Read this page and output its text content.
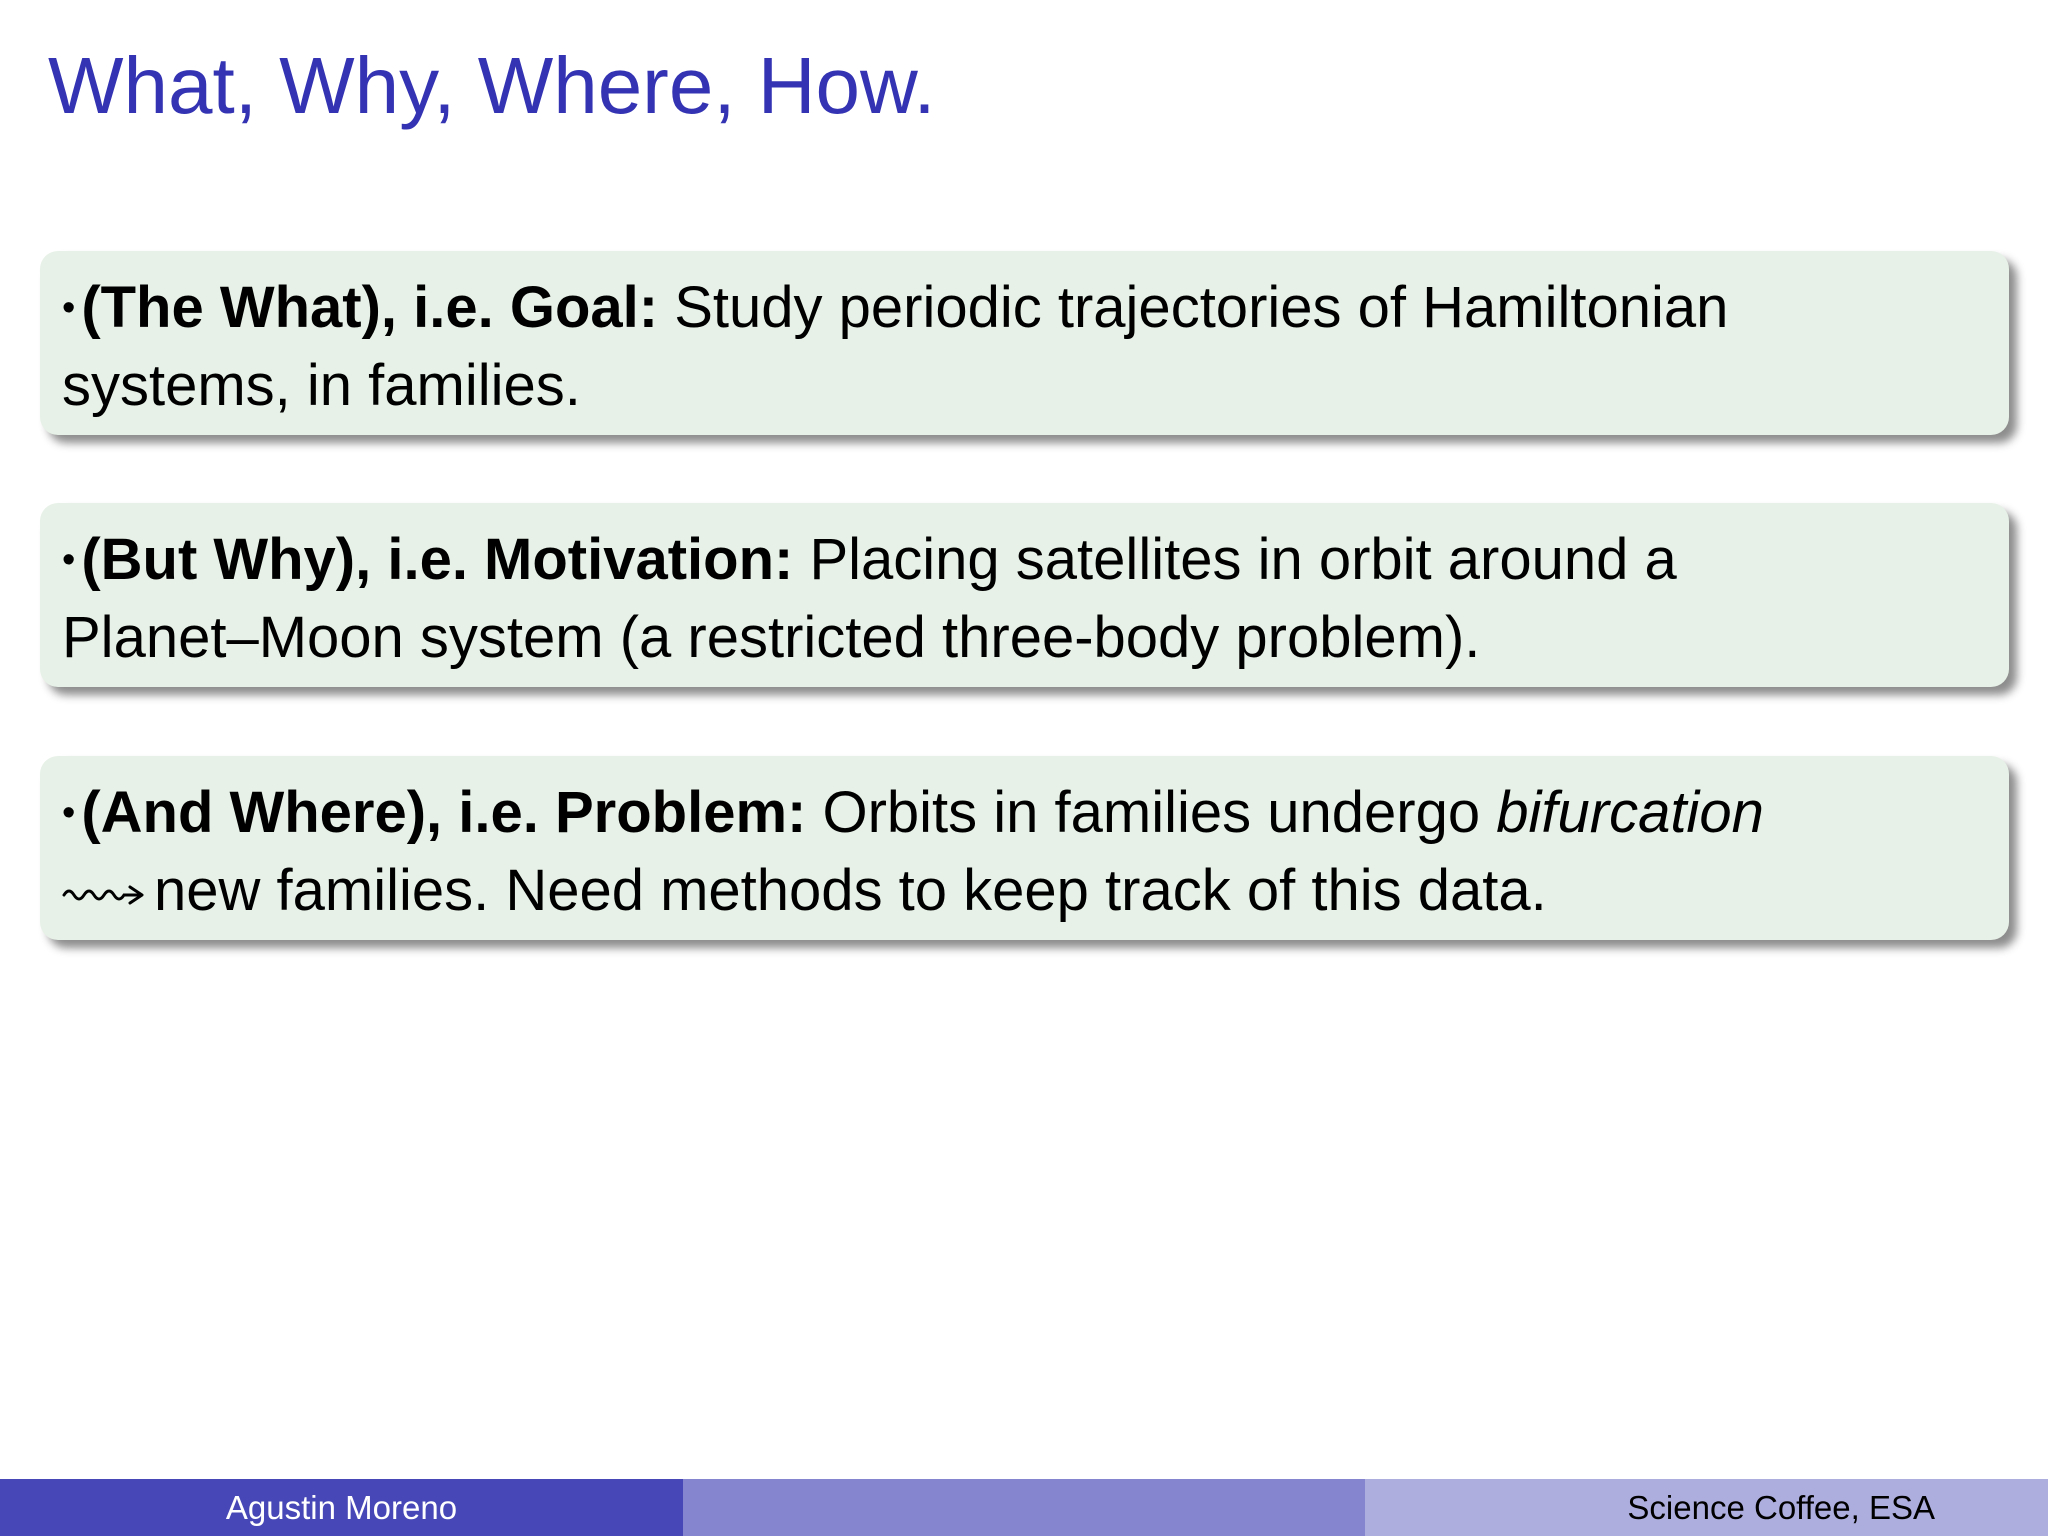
What, Why, Where, How.

• (The What), i.e. Goal: Study periodic trajectories of Hamiltonian

systems, in families.

• (But Why), i.e. Motivation: Placing satellites in orbit around a

Planet–Moon system (a restricted three-body problem).

• (And Where), i.e. Problem: Orbits in families undergo bifurcation

new families. Need methods to keep track of this data.

Agustin Moreno	Science Coffee, ESA
